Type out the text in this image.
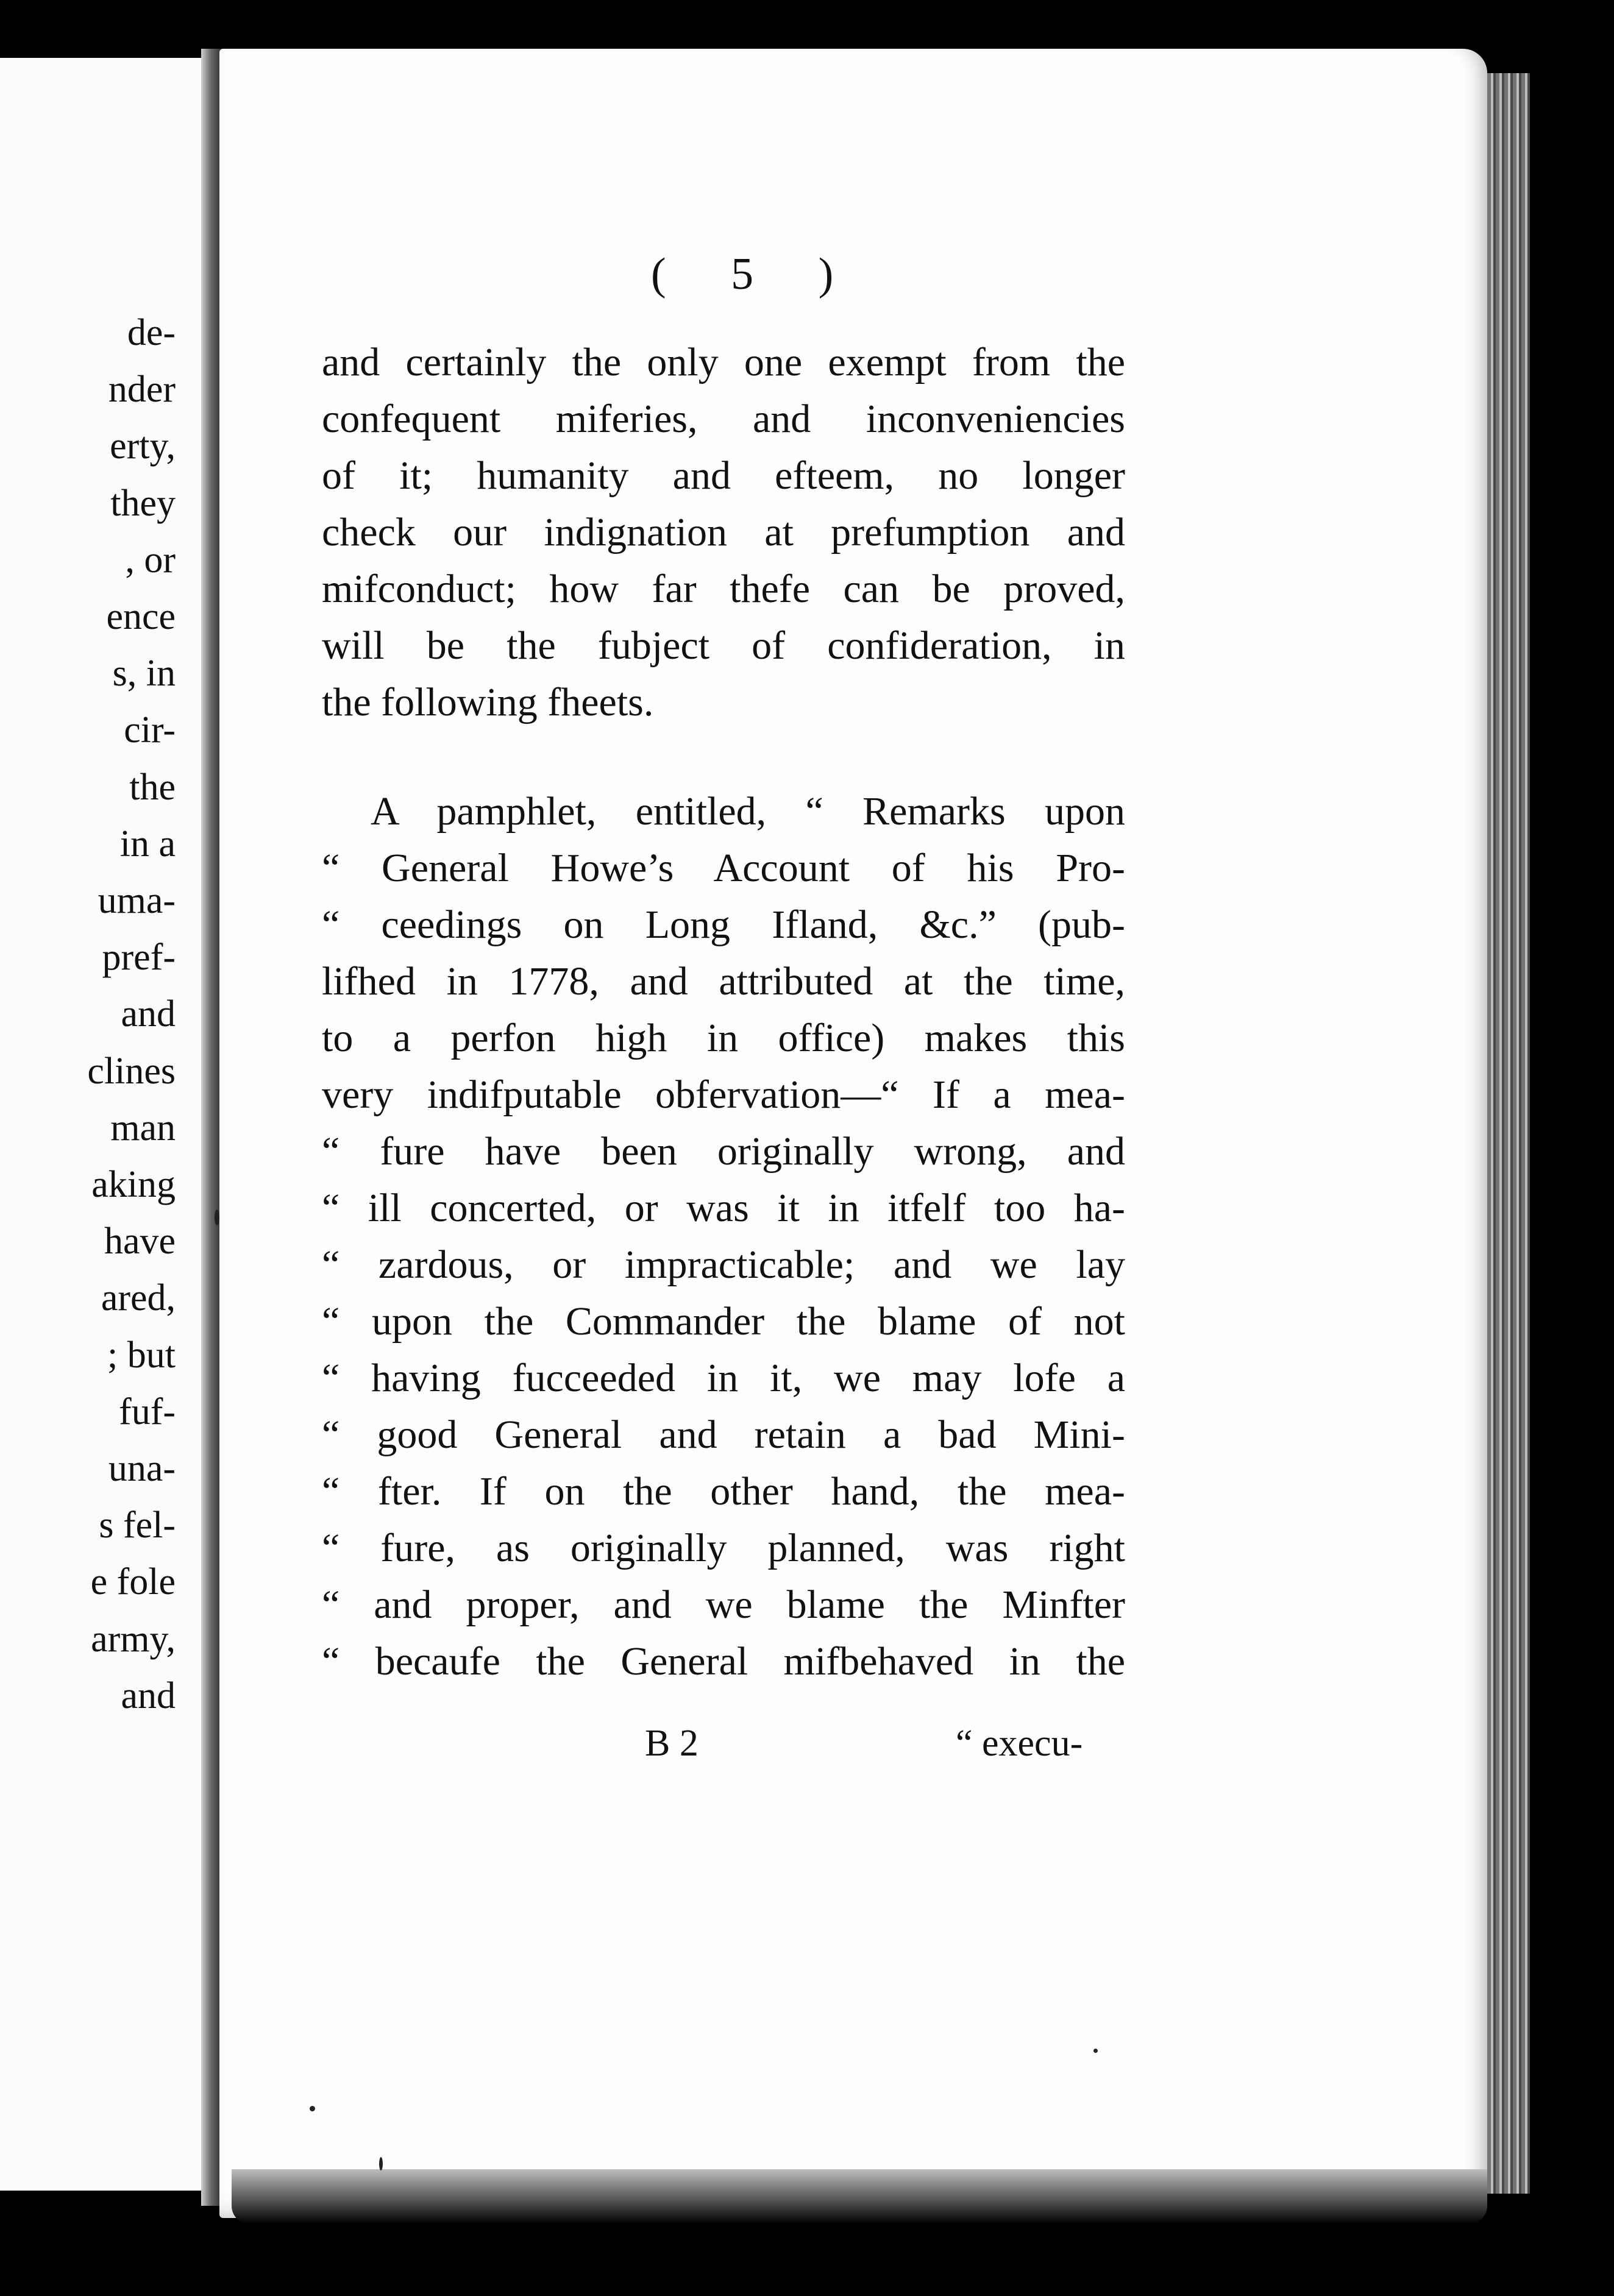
de-
nder
erty,
they
, or
ence
s, in
cir-
the
in a
uma-
pref-
and
clines
man
aking
have
ared,
; but
fuf-
una-
s fel-
e fole
army,
and
( 5 )
and certainly the only one exempt from the
confequent miferies, and inconveniencies
of it; humanity and efteem, no longer
check our indignation at prefumption and
mifconduct; how far thefe can be proved,
will be the fubject of confideration, in
the following fheets.
A pamphlet, entitled, “ Remarks upon
“ General Howe’s Account of his Pro-
“ ceedings on Long Ifland, &c.” (pub-
lifhed in 1778, and attributed at the time,
to a perfon high in office) makes this
very indifputable obfervation—“ If a mea-
“ fure have been originally wrong, and
“ ill concerted, or was it in itfelf too ha-
“ zardous, or impracticable; and we lay
“ upon the Commander the blame of not
“ having fucceeded in it, we may lofe a
“ good General and retain a bad Mini-
“ fter. If on the other hand, the mea-
“ fure, as originally planned, was right
“ and proper, and we blame the Minfter
“ becaufe the General mifbehaved in the
B 2	“ execu-
